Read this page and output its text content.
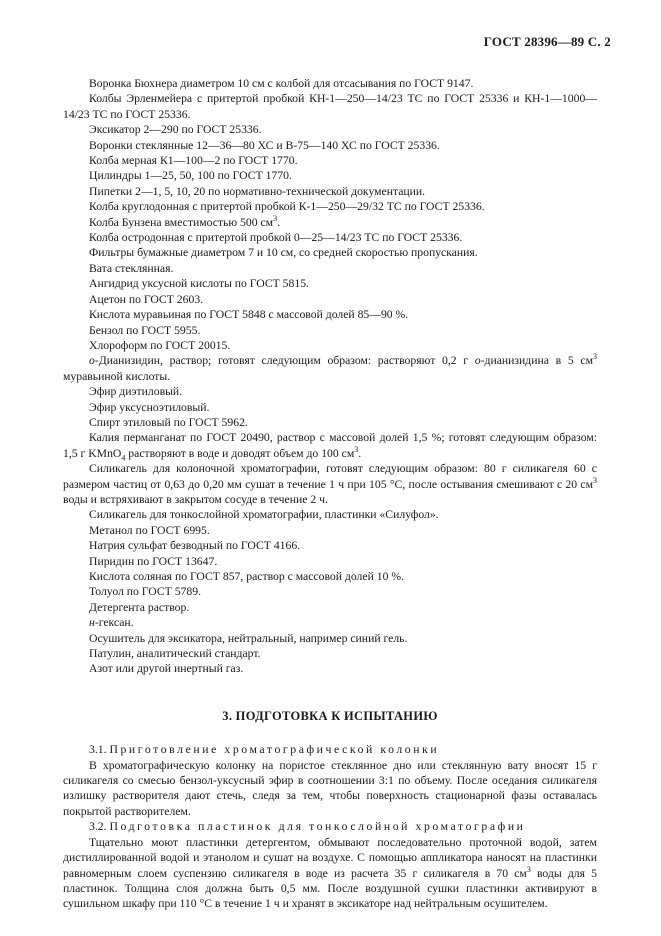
ГОСТ 28396—89 С. 2

Воронка Бюхнера диаметром 10 см с колбой для отсасывания по ГОСТ 9147.

Колбы Эрленмейера с притертой пробкой КН-1—250—14/23 ТС по ГОСТ 25336 и КН-1—1000—14/23 ТС по ГОСТ 25336.

Эксикатор 2—290 по ГОСТ 25336.

Воронки стеклянные 12—36—80 ХС и В-75—140 ХС по ГОСТ 25336.

Колба мерная К1—100—2 по ГОСТ 1770.

Цилиндры 1—25, 50, 100 по ГОСТ 1770.

Пипетки 2—1, 5, 10, 20 по нормативно-технической документации.

Колба круглодонная с притертой пробкой К-1—250—29/32 ТС по ГОСТ 25336.

Колба Бунзена вместимостью 500 $см^3$.

Колба остродонная с притертой пробкой 0—25—14/23 ТС по ГОСТ 25336.

Фильтры бумажные диаметром 7 и 10 см, со средней скоростью пропускания.

Вата стеклянная.

Ангидрид уксусной кислоты по ГОСТ 5815.

Ацетон по ГОСТ 2603.

Кислота муравьиная по ГОСТ 5848 с массовой долей 85—90 %.

Бензол по ГОСТ 5955.

Хлороформ по ГОСТ 20015.

о-Дианизидин, раствор; готовят следующим образом: растворяют 0,2 г о-дианизидина в 5 $см^3$ муравьиной кислоты.

Эфир диэтиловый.

Эфир уксусноэтиловый.

Спирт этиловый по ГОСТ 5962.

Калия перманганат по ГОСТ 20490, раствор с массовой долей 1,5 %; готовят следующим образом: 1,5 г KMnO$_4$ растворяют в воде и доводят объем до 100 $см^3$.

Силикагель для колоночной хроматографии, готовят следующим образом: 80 г силикагеля 60 с размером частиц от 0,63 до 0,20 мм сушат в течение 1 ч при 105 °С, после остывания смешивают с 20 $см^3$ воды и встряхивают в закрытом сосуде в течение 2 ч.

Силикагель для тонкослойной хроматографии, пластинки «Силуфол».

Метанол по ГОСТ 6995.

Натрия сульфат безводный по ГОСТ 4166.

Пиридин по ГОСТ 13647.

Кислота соляная по ГОСТ 857, раствор с массовой долей 10 %.

Толуол по ГОСТ 5789.

Детергента раствор.

н-гексан.

Осушитель для эксикатора, нейтральный, например синий гель.

Патулин, аналитический стандарт.

Азот или другой инертный газ.

3. ПОДГОТОВКА К ИСПЫТАНИЮ

3.1. Приготовление хроматографической колонки

В хроматографическую колонку на пористое стеклянное дно или стеклянную вату вносят 15 г силикагеля со смесью бензол-уксусный эфир в соотношении 3:1 по объему. После оседания силикагеля излишку растворителя дают стечь, следя за тем, чтобы поверхность стационарной фазы оставалась покрытой растворителем.

3.2. Подготовка пластинок для тонкослойной хроматографии

Тщательно моют пластинки детергентом, обмывают последовательно проточной водой, затем дистиллированной водой и этанолом и сушат на воздухе. С помощью аппликатора наносят на пластинки равномерным слоем суспензию силикагеля в воде из расчета 35 г силикагеля в 70 $см^3$ воды для 5 пластинок. Толщина слоя должна быть 0,5 мм. После воздушной сушки пластинки активируют в сушильном шкафу при 110 °С в течение 1 ч и хранят в эксикаторе над нейтральным осушителем.
